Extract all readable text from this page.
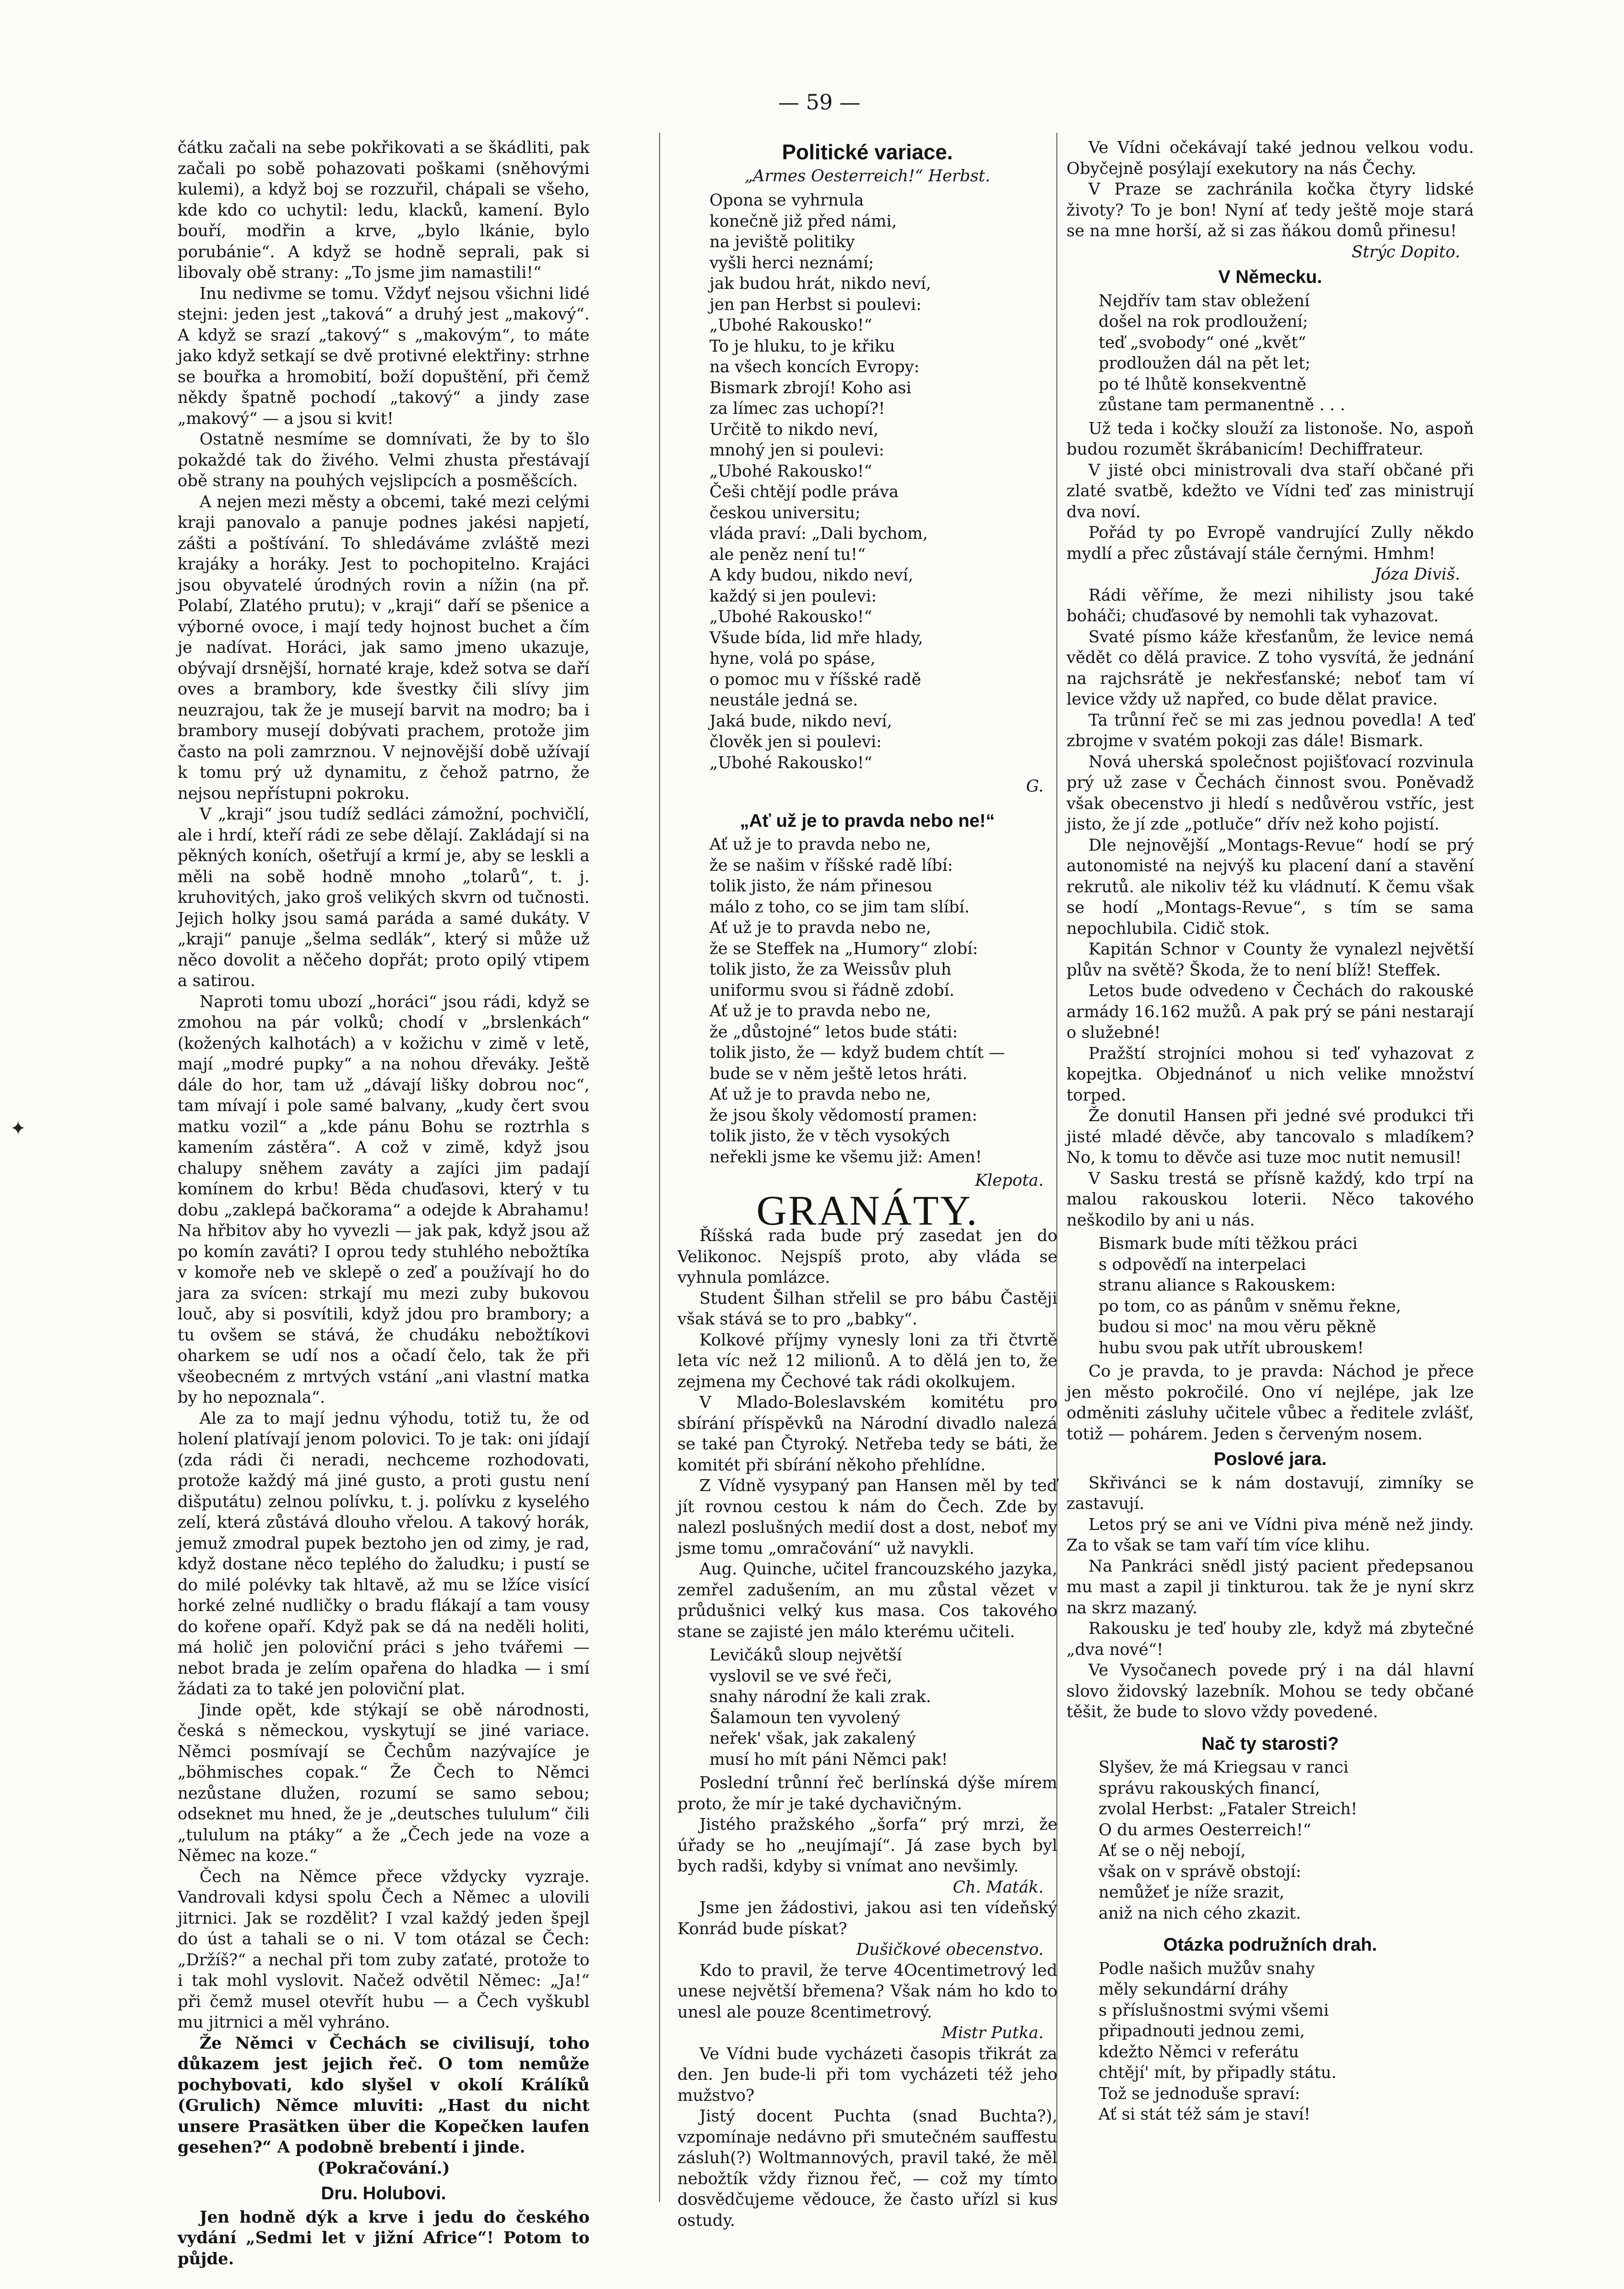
— 59 —
✦

čátku začali na sebe pokřikovati a se škádliti, pak začali po sobě pohazovati poškami (sněhovými kulemi), a když boj se rozzuřil, chápali se všeho, kde kdo co uchytil: ledu, klacků, kamení. Bylo bouří, modřin a krve, „bylo lkánie, bylo porubánie“. A když se hodně seprali, pak si libovaly obě strany: „To jsme jim namastili!“

Inu nedivme se tomu. Vždyť nejsou všichni lidé stejni: jeden jest „taková“ a druhý jest „makový“. A když se srazí „takový“ s „makovým“, to máte jako když setkají se dvě protivné elektřiny: strhne se bouřka a hromobití, boží dopuštění, při čemž někdy špatně pochodí „takový“ a jindy zase „makový“ — a jsou si kvit!

Ostatně nesmíme se domnívati, že by to šlo pokaždé tak do živého. Velmi zhusta přestávají obě strany na pouhých vejslipcích a posměšcích.

A nejen mezi městy a obcemi, také mezi celými kraji panovalo a panuje podnes jakési napjetí, zášti a poštívání. To shledáváme zvláště mezi krajáky a horáky. Jest to pochopitelno. Krajáci jsou obyvatelé úrodných rovin a nížin (na př. Polabí, Zlatého prutu); v „kraji“ daří se pšenice a výborné ovoce, i mají tedy hojnost buchet a čím je nadívat. Horáci, jak samo jmeno ukazuje, obývají drsnější, hornaté kraje, kdež sotva se daří oves a brambory, kde švestky čili slívy jim neuzrajou, tak že je musejí barvit na modro; ba i brambory musejí dobývati prachem, protože jim často na poli zamrznou. V nejnovější době užívají k tomu prý už dynamitu, z čehož patrno, že nejsou nepřístupni pokroku.

V „kraji“ jsou tudíž sedláci zámožní, pochvičlí, ale i hrdí, kteří rádi ze sebe dělají. Zakládají si na pěkných koních, ošetřují a krmí je, aby se leskli a měli na sobě hodně mnoho „tolarů“, t. j. kruhovitých, jako groš velikých skvrn od tučnosti. Jejich holky jsou samá paráda a samé dukáty. V „kraji“ panuje „šelma sedlák“, který si může už něco dovolit a něčeho dopřát; proto opilý vtipem a satirou.

Naproti tomu ubozí „horáci“ jsou rádi, když se zmohou na pár volků; chodí v „brslenkách“ (kožených kalhotách) a v kožichu v zimě v letě, mají „modré pupky“ a na nohou dřeváky. Ještě dále do hor, tam už „dávají lišky dobrou noc“, tam mívají i pole samé balvany, „kudy čert svou matku vozil“ a „kde pánu Bohu se roztrhla s kamením zástěra“. A což v zimě, když jsou chalupy sněhem zaváty a zajíci jim padají komínem do krbu! Běda chuďasovi, který v tu dobu „zaklepá bačkorama“ a odejde k Abrahamu! Na hřbitov aby ho vyvezli — jak pak, když jsou až po komín zaváti? I oprou tedy stuhlého nebožtíka v komoře neb ve sklepě o zeď a používají ho do jara za svícen: strkají mu mezi zuby bukovou louč, aby si posvítili, když jdou pro brambory; a tu ovšem se stává, že chudáku nebožtíkovi oharkem se udí nos a očadí čelo, tak že při všeobecném z mrtvých vstání „ani vlastní matka by ho nepoznala“.

Ale za to mají jednu výhodu, totiž tu, že od holení platívají jenom polovici. To je tak: oni jídají (zda rádi či neradi, nechceme rozhodovati, protože každý má jiné gusto, a proti gustu není dišputátu) zelnou polívku, t. j. polívku z kyselého zelí, která zůstává dlouho vřelou. A takový horák, jemuž zmodral pupek beztoho jen od zimy, je rad, když dostane něco teplého do žaludku; i pustí se do milé polévky tak hltavě, až mu se lžíce visící horké zelné nudličky o bradu flákají a tam vousy do kořene opaří. Když pak se dá na neděli holiti, má holič jen poloviční práci s jeho tvářemi — nebot brada je zelím opařena do hladka — i smí žádati za to také jen poloviční plat.

Jinde opět, kde stýkají se obě národnosti, česká s německou, vyskytují se jiné variace. Němci posmívají se Čechům nazývajíce je „böhmisches copak.“ Že Čech to Němci nezůstane dlužen, rozumí se samo sebou; odseknet mu hned, že je „deutsches tululum“ čili „tululum na ptáky“ a že „Čech jede na voze a Němec na koze.“

Čech na Němce přece vždycky vyzraje. Vandrovali kdysi spolu Čech a Němec a ulovili jitrnici. Jak se rozdělit? I vzal každý jeden špejl do úst a tahali se o ni. V tom otázal se Čech: „Držíš?“ a nechal při tom zuby zaťaté, protože to i tak mohl vyslovit. Načež odvětil Němec: „Ja!“ při čemž musel otevřít hubu — a Čech vyškubl mu jitrnici a měl vyhráno.

Že Němci v Čechách se civilisují, toho důkazem jest jejich řeč. O tom nemůže pochybovati, kdo slyšel v okolí Králíků (Grulich) Němce mluviti: „Hast du nicht unsere Prasätken über die Kopečken laufen gesehen?“ A podobně brebentí i jinde.

(Pokračování.)
Dru. Holubovi.

Jen hodně dýk a krve i jedu do českého vydání „Sedmi let v jižní Africe“! Potom to půjde.

Politické variace.
„Armes Oesterreich!“ Herbst.
Opona se vyhrnula
konečně již před námi,
na jeviště politiky
vyšli herci neznámí;
jak budou hrát, nikdo neví,
jen pan Herbst si poulevi:
„Ubohé Rakousko!“
To je hluku, to je křiku
na všech koncích Evropy:
Bismark zbrojí! Koho asi
za límec zas uchopí?!
Určitě to nikdo neví,
mnohý jen si poulevi:
„Ubohé Rakousko!“
Češi chtějí podle práva
českou universitu;
vláda praví: „Dali bychom,
ale peněz není tu!“
A kdy budou, nikdo neví,
každý si jen poulevi:
„Ubohé Rakousko!“
Všude bída, lid mře hlady,
hyne, volá po spáse,
o pomoc mu v říšské radě
neustále jedná se.
Jaká bude, nikdo neví,
člověk jen si poulevi:
„Ubohé Rakousko!“
G.
„Ať už je to pravda nebo ne!“
Ať už je to pravda nebo ne,
že se našim v říšské radě líbí:
tolik jisto, že nám přinesou
málo z toho, co se jim tam slíbí.
Ať už je to pravda nebo ne,
že se Steffek na „Humory“ zlobí:
tolik jisto, že za Weissův pluh
uniformu svou si řádně zdobí.
Ať už je to pravda nebo ne,
že „důstojné“ letos bude státi:
tolik jisto, že — když budem chtít —
bude se v něm ještě letos hráti.
Ať už je to pravda nebo ne,
že jsou školy vědomostí pramen:
tolik jisto, že v těch vysokých
neřekli jsme ke všemu již: Amen!
Klepota.
GRANÁTY.

Říšská rada bude prý zasedat jen do Velikonoc. Nejspíš proto, aby vláda se vyhnula pomlázce.

Student Šilhan střelil se pro bábu Častěji však stává se to pro „babky“.

Kolkové příjmy vynesly loni za tři čtvrtě leta víc než 12 milionů. A to dělá jen to, že zejmena my Čechové tak rádi okolkujem.

V Mlado-Boleslavském komitétu pro sbírání příspěvků na Národní divadlo nalezá se také pan Čtyroký. Netřeba tedy se báti, že komitét při sbírání někoho přehlídne.

Z Vídně vysypaný pan Hansen měl by teď jít rovnou cestou k nám do Čech. Zde by nalezl poslušných medií dost a dost, neboť my jsme tomu „omračování“ už navykli.

Aug. Quinche, učitel francouzského jazyka, zemřel zadušením, an mu zůstal vězet v průdušnici velký kus masa. Cos takového stane se zajisté jen málo kterému učiteli.

Levičáků sloup největší
vyslovil se ve své řeči,
snahy národní že kali zrak.
Šalamoun ten vyvolený
neřek' však, jak zakalený
musí ho mít páni Němci pak!

Poslední trůnní řeč berlínská dýše mírem proto, že mír je také dychavičným.

Jistého pražského „šorfa“ prý mrzi, že úřady se ho „neujímají“. Já zase bych byl bych radši, kdyby si vnímat ano nevšimly.

Ch. Maták.

Jsme jen žádostivi, jakou asi ten vídeňský Konrád bude pískat?

Dušičkové obecenstvo.

Kdo to pravil, že terve 4Ocentimetrový led unese největší břemena? Však nám ho kdo to unesl ale pouze 8centimetrový.

Mistr Putka.

Ve Vídni bude vycházeti časopis třikrát za den. Jen bude-li při tom vycházeti též jeho mužstvo?

Jistý docent Puchta (snad Buchta?), vzpomínaje nedávno při smutečném sauffestu zásluh(?) Woltmannových, pravil také, že měl nebožtík vždy řiznou řeč, — což my tímto dosvědčujeme vědouce, že často uřízl si kus ostudy.

Ve Vídni očekávají také jednou velkou vodu. Obyčejně posýlají exekutory na nás Čechy.

V Praze se zachránila kočka čtyry lidské životy? To je bon! Nyní ať tedy ještě moje stará se na mne horší, až si zas ňákou domů přinesu!

Strýc Dopito.
V Německu.
Nejdřív tam stav obležení
došel na rok prodloužení;
teď „svobody“ oné „květ“
prodloužen dál na pět let;
po té lhůtě konsekventně
zůstane tam permanentně . . .

Už teda i kočky slouží za listonoše. No, aspoň budou rozumět škrábanicím! Dechiffrateur.

V jisté obci ministrovali dva staří občané při zlaté svatbě, kdežto ve Vídni teď zas ministrují dva noví.

Pořád ty po Evropě vandrující Zully někdo mydlí a přec zůstávají stále černými. Hmhm!

Józa Diviš.

Rádi věříme, že mezi nihilisty jsou také boháči; chuďasové by nemohli tak vyhazovat.

Svaté písmo káže křesťanům, že levice nemá vědět co dělá pravice. Z toho vysvítá, že jednání na rajchsrátě je nekřesťanské; neboť tam ví levice vždy už napřed, co bude dělat pravice.

Ta trůnní řeč se mi zas jednou povedla! A teď zbrojme v svatém pokoji zas dále! Bismark.

Nová uherská společnost pojišťovací rozvinula prý už zase v Čechách činnost svou. Poněvadž však obecenstvo ji hledí s nedůvěrou vstříc, jest jisto, že jí zde „potluče“ dřív než koho pojistí.

Dle nejnovější „Montags-Revue“ hodí se prý autonomisté na nejvýš ku placení daní a stavění rekrutů. ale nikoliv též ku vládnutí. K čemu však se hodí „Montags-Revue“, s tím se sama nepochlubila. Cidič stok.

Kapitán Schnor v County že vynalezl největší plův na světě? Škoda, že to není blíž! Steffek.

Letos bude odvedeno v Čechách do rakouské armády 16.162 mužů. A pak prý se páni nestarají o služebné!

Pražští strojníci mohou si teď vyhazovat z kopejtka. Objednánoť u nich velike množství torped.

Že donutil Hansen při jedné své produkci tři jisté mladé děvče, aby tancovalo s mladíkem? No, k tomu to děvče asi tuze moc nutit nemusil!

V Sasku trestá se přísně každý, kdo trpí na malou rakouskou loterii. Něco takového neškodilo by ani u nás.

Bismark bude míti těžkou práci
s odpověďí na interpelaci
stranu aliance s Rakouskem:
po tom, co as pánům v sněmu řekne,
budou si moc' na mou věru pěkně
hubu svou pak utřít ubrouskem!

Co je pravda, to je pravda: Náchod je přece jen město pokročilé. Ono ví nejlépe, jak lze odměniti zásluhy učitele vůbec a ředitele zvlášť, totiž — pohárem. Jeden s červeným nosem.

Poslové jara.

Skřivánci se k nám dostavují, zimníky se zastavují.

Letos prý se ani ve Vídni piva méně než jindy. Za to však se tam vaří tím více klihu.

Na Pankráci snědl jistý pacient předepsanou mu mast a zapil ji tinkturou. tak že je nyní skrz na skrz mazaný.

Rakousku je teď houby zle, když má zbytečné „dva nové“!

Ve Vysočanech povede prý i na dál hlavní slovo židovský lazebník. Mohou se tedy občané těšit, že bude to slovo vždy povedené.

Nač ty starosti?
Slyšev, že má Kriegsau v ranci
správu rakouských financí,
zvolal Herbst: „Fataler Streich!
O du armes Oesterreich!“
Ať se o něj nebojí,
však on v správě obstojí:
nemůžeť je níže srazit,
aniž na nich cého zkazit.
Otázka podružních drah.
Podle našich mužův snahy
měly sekundární dráhy
s příslušnostmi svými všemi
připadnouti jednou zemi,
kdežto Němci v referátu
chtějí' mít, by připadly státu.
Tož se jednoduše spraví:
Ať si stát též sám je staví!
